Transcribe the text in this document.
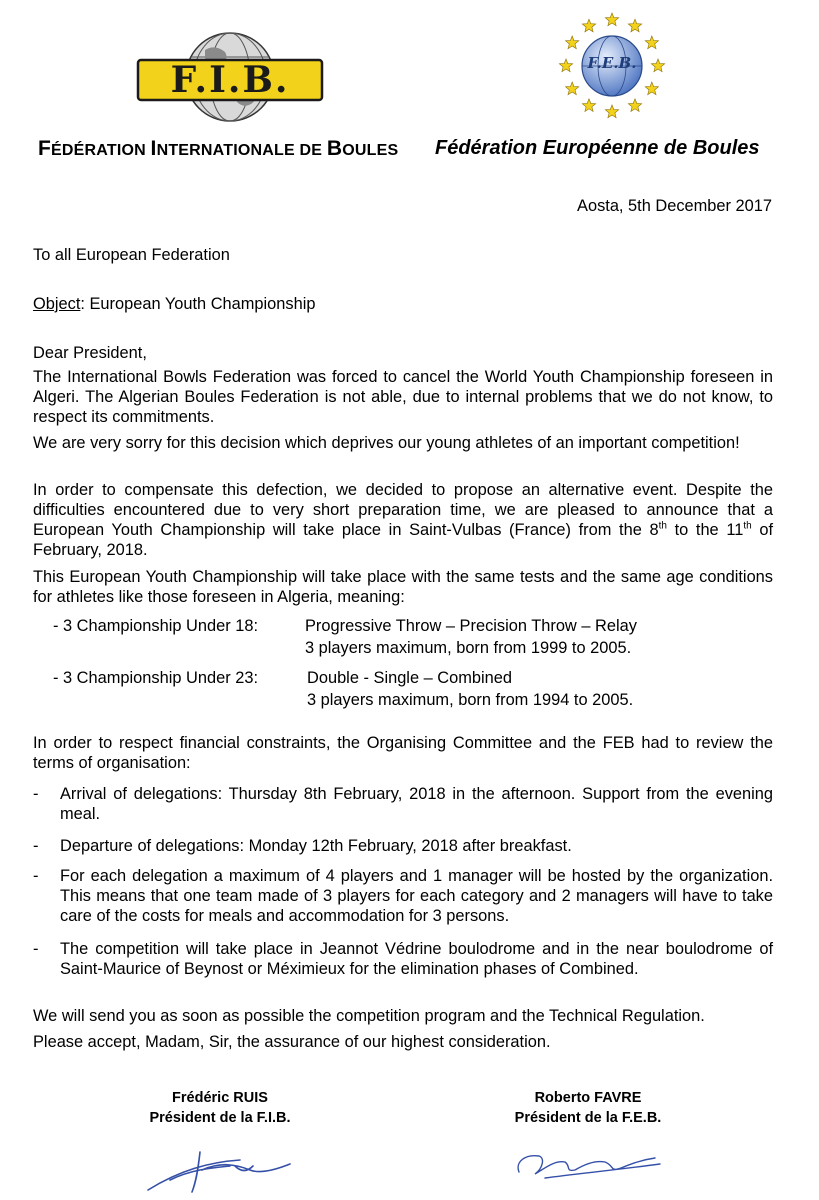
F.I.B.	F.E.B.
FÉDÉRATION INTERNATIONALE DE BOULES Fédération Européenne de Boules
Aosta, 5th December 2017
To all European Federation
Object: European Youth Championship
Dear President,
The International Bowls Federation was forced to cancel the World Youth Championship foreseen in Algeri. The Algerian Boules Federation is not able, due to internal problems that we do not know, to respect its commitments.
We are very sorry for this decision which deprives our young athletes of an important competition!
In order to compensate this defection, we decided to propose an alternative event. Despite the difficulties encountered due to very short preparation time, we are pleased to announce that a European Youth Championship will take place in Saint-Vulbas (France) from the 8th to the 11th of February, 2018.
This European Youth Championship will take place with the same tests and the same age conditions for athletes like those foreseen in Algeria, meaning:
- 3 Championship Under 18:	Progressive Throw – Precision Throw – Relay
3 players maximum, born from 1999 to 2005.
- 3 Championship Under 23:	Double - Single – Combined
3 players maximum, born from 1994 to 2005.
In order to respect financial constraints, the Organising Committee and the FEB had to review the terms of organisation:
- Arrival of delegations: Thursday 8th February, 2018 in the afternoon. Support from the evening meal.
- Departure of delegations: Monday 12th February, 2018 after breakfast.
- For each delegation a maximum of 4 players and 1 manager will be hosted by the organization. This means that one team made of 3 players for each category and 2 managers will have to take care of the costs for meals and accommodation for 3 persons.
- The competition will take place in Jeannot Védrine boulodrome and in the near boulodrome of Saint-Maurice of Beynost or Méximieux for the elimination phases of Combined.
We will send you as soon as possible the competition program and the Technical Regulation.
Please accept, Madam, Sir, the assurance of our highest consideration.
Frédéric RUIS
Président de la F.I.B.
Roberto FAVRE
Président de la F.E.B.
